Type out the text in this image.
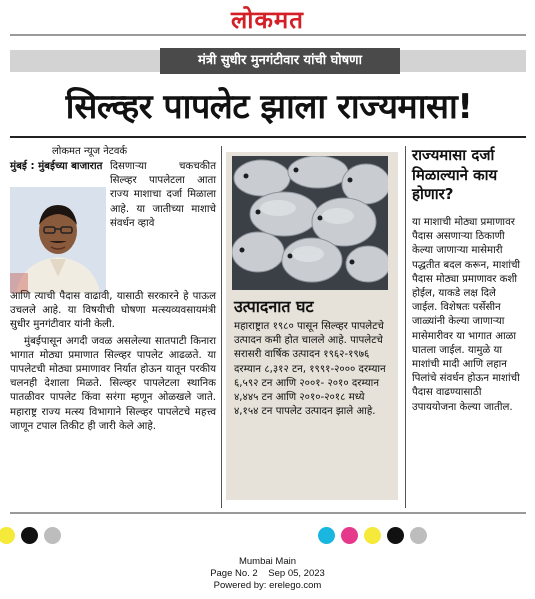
लोकमत
मंत्री सुधीर मुनगंटीवार यांची घोषणा
सिल्व्हर पापलेट झाला राज्यमासा!
लोकमत न्यूज नेटवर्क
मुंबई : मुंबईच्या बाजारात दिसणाऱ्या चकचकीत सिल्व्हर पापलेटला आता राज्य माशाचा दर्जा मिळाला आहे. या जातीच्या माशाचे संवर्धन व्हावे

आणि त्याची पैदास वाढावी, यासाठी सरकारने हे पाऊल उचलले आहे. या विषयीची घोषणा मत्स्यव्यवसायमंत्री सुधीर मुनगंटीवार यांनी केली.

मुंबईपासून अगदी जवळ असलेल्या सातपाटी किनारा भागात मोठ्या प्रमाणात सिल्व्हर पापलेट आढळते. या पापलेटची मोठ्या प्रमाणावर निर्यात होऊन यातून परकीय चलनही देशाला मिळते. सिल्व्हर पापलेटला स्थानिक पातळीवर पापलेट किंवा सरंगा म्हणून ओळखले जाते. महाराष्ट्र राज्य मत्स्य विभागाने सिल्व्हर पापलेटचे महत्त्व जाणून टपाल तिकीट ही जारी केले आहे.

उत्पादनात घट
महाराष्ट्रात १९८० पासून सिल्व्हर पापलेटचे उत्पादन कमी होत चालले आहे. पापलेटचे सरासरी वार्षिक उत्पादन १९६२-१९७६ दरम्यान ८,३१२ टन, १९९१-२००० दरम्यान ६,५९२ टन आणि २००१- २०१० दरम्यान ४,४४५ टन आणि २०१०-२०१८ मध्ये ४,१५४ टन पापलेट उत्पादन झाले आहे.
राज्यमासा दर्जा मिळाल्याने काय होणार?
या माशाची मोठ्या प्रमाणावर पैदास असणाऱ्या ठिकाणी केल्या जाणाऱ्या मासेमारी पद्धतीत बदल करून, माशांची पैदास मोठ्या प्रमाणावर कशी होईल, याकडे लक्ष दिले जाईल. विशेषतः पर्सेसीन जाळ्यांनी केल्या जाणाऱ्या मासेमारीवर या भागात आळा घातला जाईल. यामुळे या माशांची मादी आणि लहान पिलांचे संवर्धन होऊन माशांची पैदास वाढण्यासाठी उपाययोजना केल्या जातील.
Mumbai Main
Page No. 2    Sep 05, 2023
Powered by: erelego.com
